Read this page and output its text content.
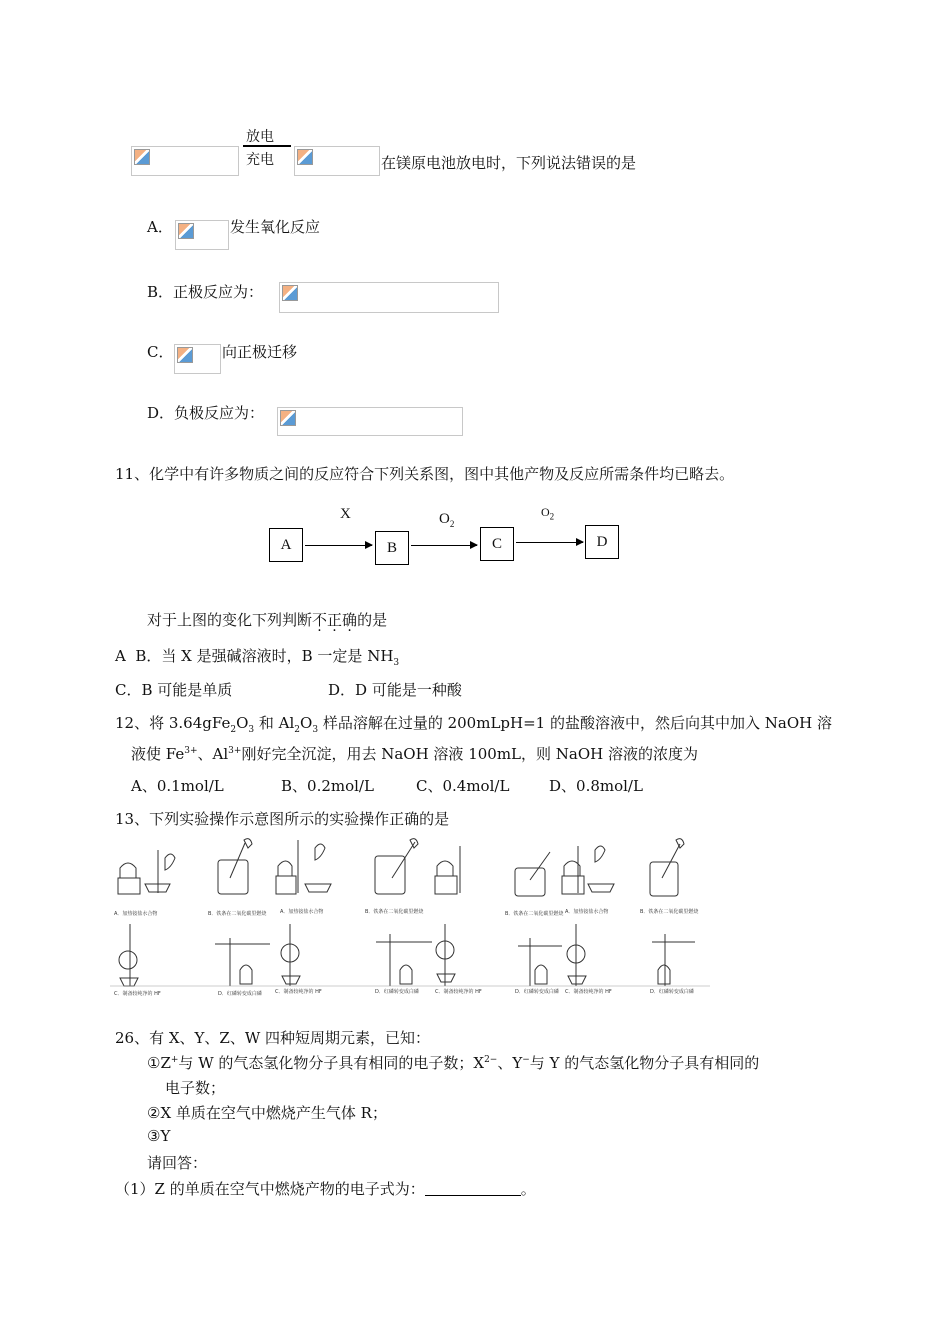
放电
充电	在镁原电池放电时，下列说法错误的是
A．	发生氧化反应
B．正极反应为：
C．	向正极迁移
D．负极反应为：
11、化学中有许多物质之间的反应符合下列关系图，图中其他产物及反应所需条件均已略去。
A
X
B
$O_2$
C
$O_2$
D
对于上图的变化下列判断不正确的是
A B．当 X 是强碱溶液时，B 一定是 $NH_3$
C．B 可能是单质	D．D 可能是一种酸
12、将 $3.64gFe_2O_3$ 和 $Al_2O_3$ 样品溶解在过量的 200mLpH=1 的盐酸溶液中，然后向其中加入 NaOH 溶
液使 $Fe^{3+}$、$Al^{3+}$刚好完全沉淀，用去 NaOH 溶液 100mL，则 NaOH 溶液的浓度为
A、0.1mol/L	B、0.2mol/L	C、0.4mol/L	D、0.8mol/L
13、下列实验操作示意图所示的实验操作正确的是
A．加热铵盐水合物	B．铁条在二氧化碳里燃烧	A．加热铵盐水合物	B．铁条在二氧化碳里燃烧	B．铁条在二氧化碳里燃烧 A．加热铵盐水合物	B．铁条在二氧化碳里燃烧
C．制备较纯净的 HF	D．红磷转变成白磷	C．制备较纯净的 HF	D．红磷转变成白磷	C．制备较纯净的 HF	D．红磷转变成白磷 C．制备较纯净的 HF	D．红磷转变成白磷
26、有 X、Y、Z、W 四种短周期元素，已知：
①Z+与 W 的气态氢化物分子具有相同的电子数；$X^{2-}$、Y−与 Y 的气态氢化物分子具有相同的
电子数；
②X 单质在空气中燃烧产生气体 R；
③Y
请回答：
（1）Z 的单质在空气中燃烧产物的电子式为：	。
